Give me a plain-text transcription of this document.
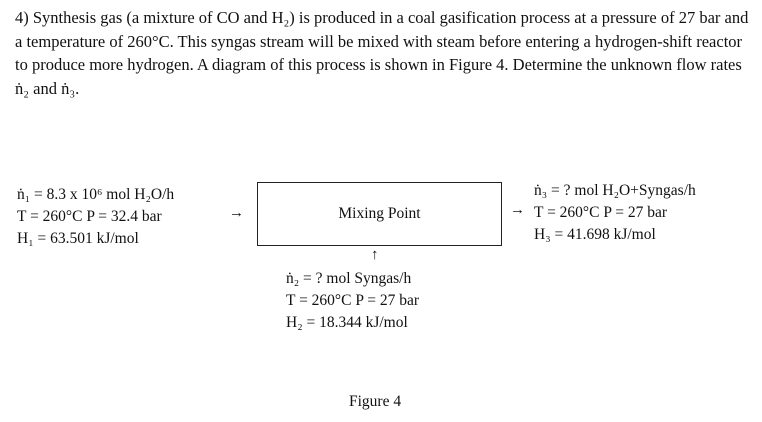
4) Synthesis gas (a mixture of CO and H₂) is produced in a coal gasification process at a pressure of 27 bar and a temperature of 260°C. This syngas stream will be mixed with steam before entering a hydrogen-shift reactor to produce more hydrogen. A diagram of this process is shown in Figure 4. Determine the unknown flow rates ṅ₂ and ṅ₃.

ṅ₁ = 8.3 x 10⁶ mol H₂O/h
T = 260°C P = 32.4 bar
H₁ = 63.501 kJ/mol
→	Mixing Point
↑
ṅ₂ = ? mol Syngas/h
T = 260°C P = 27 bar
H₂ = 18.344 kJ/mol
→
ṅ₃ = ? mol H₂O+Syngas/h
T = 260°C P = 27 bar
H₃ = 41.698 kJ/mol
Figure 4
